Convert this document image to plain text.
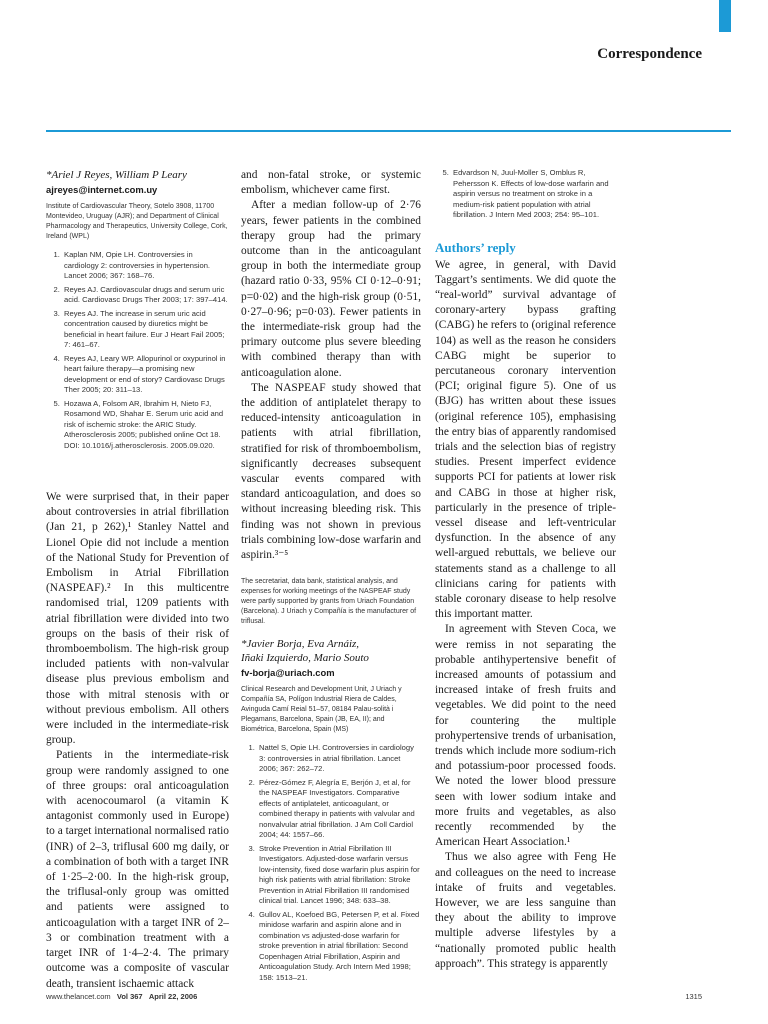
Correspondence

*Ariel J Reyes, William P Leary

ajreyes@internet.com.uy
Institute of Cardiovascular Theory, Sotelo 3908, 11700 Montevideo, Uruguay (AJR); and Department of Clinical Pharmacology and Therapeutics, University College, Cork, Ireland (WPL)
1. Kaplan NM, Opie LH. Controversies in cardiology 2: controversies in hypertension. Lancet 2006; 367: 168–76.
2. Reyes AJ. Cardiovascular drugs and serum uric acid. Cardiovasc Drugs Ther 2003; 17: 397–414.
3. Reyes AJ. The increase in serum uric acid concentration caused by diuretics might be beneficial in heart failure. Eur J Heart Fail 2005; 7: 461–67.
4. Reyes AJ, Leary WP. Allopurinol or oxypurinol in heart failure therapy—a promising new development or end of story? Cardiovasc Drugs Ther 2005; 20: 311–13.
5. Hozawa A, Folsom AR, Ibrahim H, Nieto FJ, Rosamond WD, Shahar E. Serum uric acid and risk of ischemic stroke: the ARIC Study. Atherosclerosis 2005; published online Oct 18. DOI: 10.1016/j.atherosclerosis. 2005.09.020.

We were surprised that, in their paper about controversies in atrial fibrillation (Jan 21, p 262),¹ Stanley Nattel and Lionel Opie did not include a mention of the National Study for Prevention of Embolism in Atrial Fibrillation (NASPEAF).² In this multicentre randomised trial, 1209 patients with atrial fibrillation were divided into two groups on the basis of their risk of thromboembolism. The high-risk group included patients with non-valvular disease plus previous embolism and those with mitral stenosis with or without previous embolism. All others were included in the intermediate-risk group.

Patients in the intermediate-risk group were randomly assigned to one of three groups: oral anticoagulation with acenocoumarol (a vitamin K antagonist commonly used in Europe) to a target international normalised ratio (INR) of 2–3, triflusal 600 mg daily, or a combination of both with a target INR of 1·25–2·00. In the high-risk group, the triflusal-only group was omitted and patients were assigned to anticoagulation with a target INR of 2–3 or combination treatment with a target INR of 1·4–2·4. The primary outcome was a composite of vascular death, transient ischaemic attack

and non-fatal stroke, or systemic embolism, whichever came first.

After a median follow-up of 2·76 years, fewer patients in the combined therapy group had the primary outcome than in the anticoagulant group in both the intermediate group (hazard ratio 0·33, 95% CI 0·12–0·91; p=0·02) and the high-risk group (0·51, 0·27–0·96; p=0·03). Fewer patients in the intermediate-risk group had the primary outcome plus severe bleeding with combined therapy than with anticoagulation alone.

The NASPEAF study showed that the addition of antiplatelet therapy to reduced-intensity anticoagulation in patients with atrial fibrillation, stratified for risk of thromboembolism, significantly decreases subsequent vascular events compared with standard anticoagulation, and does so without increasing bleeding risk. This finding was not shown in previous trials combining low-dose warfarin and aspirin.³⁻⁵

The secretariat, data bank, statistical analysis, and expenses for working meetings of the NASPEAF study were partly supported by grants from Uriach Foundation (Barcelona). J Uriach y Compañía is the manufacturer of triflusal.

*Javier Borja, Eva Arnáiz,

Iñaki Izquierdo, Mario Souto

fv-borja@uriach.com
Clinical Research and Development Unit, J Uriach y Compañía SA, Polígon Industrial Riera de Caldes, Avinguda Camí Reial 51–57, 08184 Palau-solità i Plegamans, Barcelona, Spain (JB, EA, II); and Biométrica, Barcelona, Spain (MS)
1. Nattel S, Opie LH. Controversies in cardiology 3: controversies in atrial fibrillation. Lancet 2006; 367: 262–72.
2. Pérez-Gómez F, Alegría E, Berjón J, et al, for the NASPEAF Investigators. Comparative effects of antiplatelet, anticoagulant, or combined therapy in patients with valvular and nonvalvular atrial fibrillation. J Am Coll Cardiol 2004; 44: 1557–66.
3. Stroke Prevention in Atrial Fibrillation III Investigators. Adjusted-dose warfarin versus low-intensity, fixed dose warfarin plus aspirin for high risk patients with atrial fibrillation: Stroke Prevention in Atrial Fibrillation III randomised clinical trial. Lancet 1996; 348: 633–38.
4. Gullov AL, Koefoed BG, Petersen P, et al. Fixed minidose warfarin and aspirin alone and in combination vs adjusted-dose warfarin for stroke prevention in atrial fibrillation: Second Copenhagen Atrial Fibrillation, Aspirin and Anticoagulation Study. Arch Intern Med 1998; 158: 1513–21.
5. Edvardson N, Juul-Moller S, Omblus R, Pehersson K. Effects of low-dose warfarin and aspirin versus no treatment on stroke in a medium-risk patient population with atrial fibrillation. J Intern Med 2003; 254: 95–101.
Authors’ reply

We agree, in general, with David Taggart’s sentiments. We did quote the “real-world” survival advantage of coronary-artery bypass grafting (CABG) he refers to (original reference 104) as well as the reason he considers CABG might be superior to percutaneous coronary intervention (PCI; original figure 5). One of us (BJG) has written about these issues (original reference 105), emphasising the entry bias of apparently randomised trials and the selection bias of registry studies. Present imperfect evidence supports PCI for patients at lower risk and CABG in those at higher risk, particularly in the presence of triple-vessel disease and left-ventricular dysfunction. In the absence of any well-argued rebuttals, we believe our statements stand as a challenge to all clinicians caring for patients with stable coronary disease to help resolve this important matter.

In agreement with Steven Coca, we were remiss in not separating the probable antihypertensive benefit of increased amounts of potassium and increased intake of fresh fruits and vegetables. We did point to the need for countering the multiple prohypertensive trends of urbanisation, trends which include more sodium-rich and potassium-poor processed foods. We noted the lower blood pressure seen with lower sodium intake and more fruits and vegetables, as also recently recommended by the American Heart Association.¹

Thus we also agree with Feng He and colleagues on the need to increase intake of fruits and vegetables. However, we are less sanguine than they about the ability to improve multiple adverse lifestyles by a “nationally promoted public health approach”. This strategy is apparently

www.thelancet.com Vol 367 April 22, 2006	1315
